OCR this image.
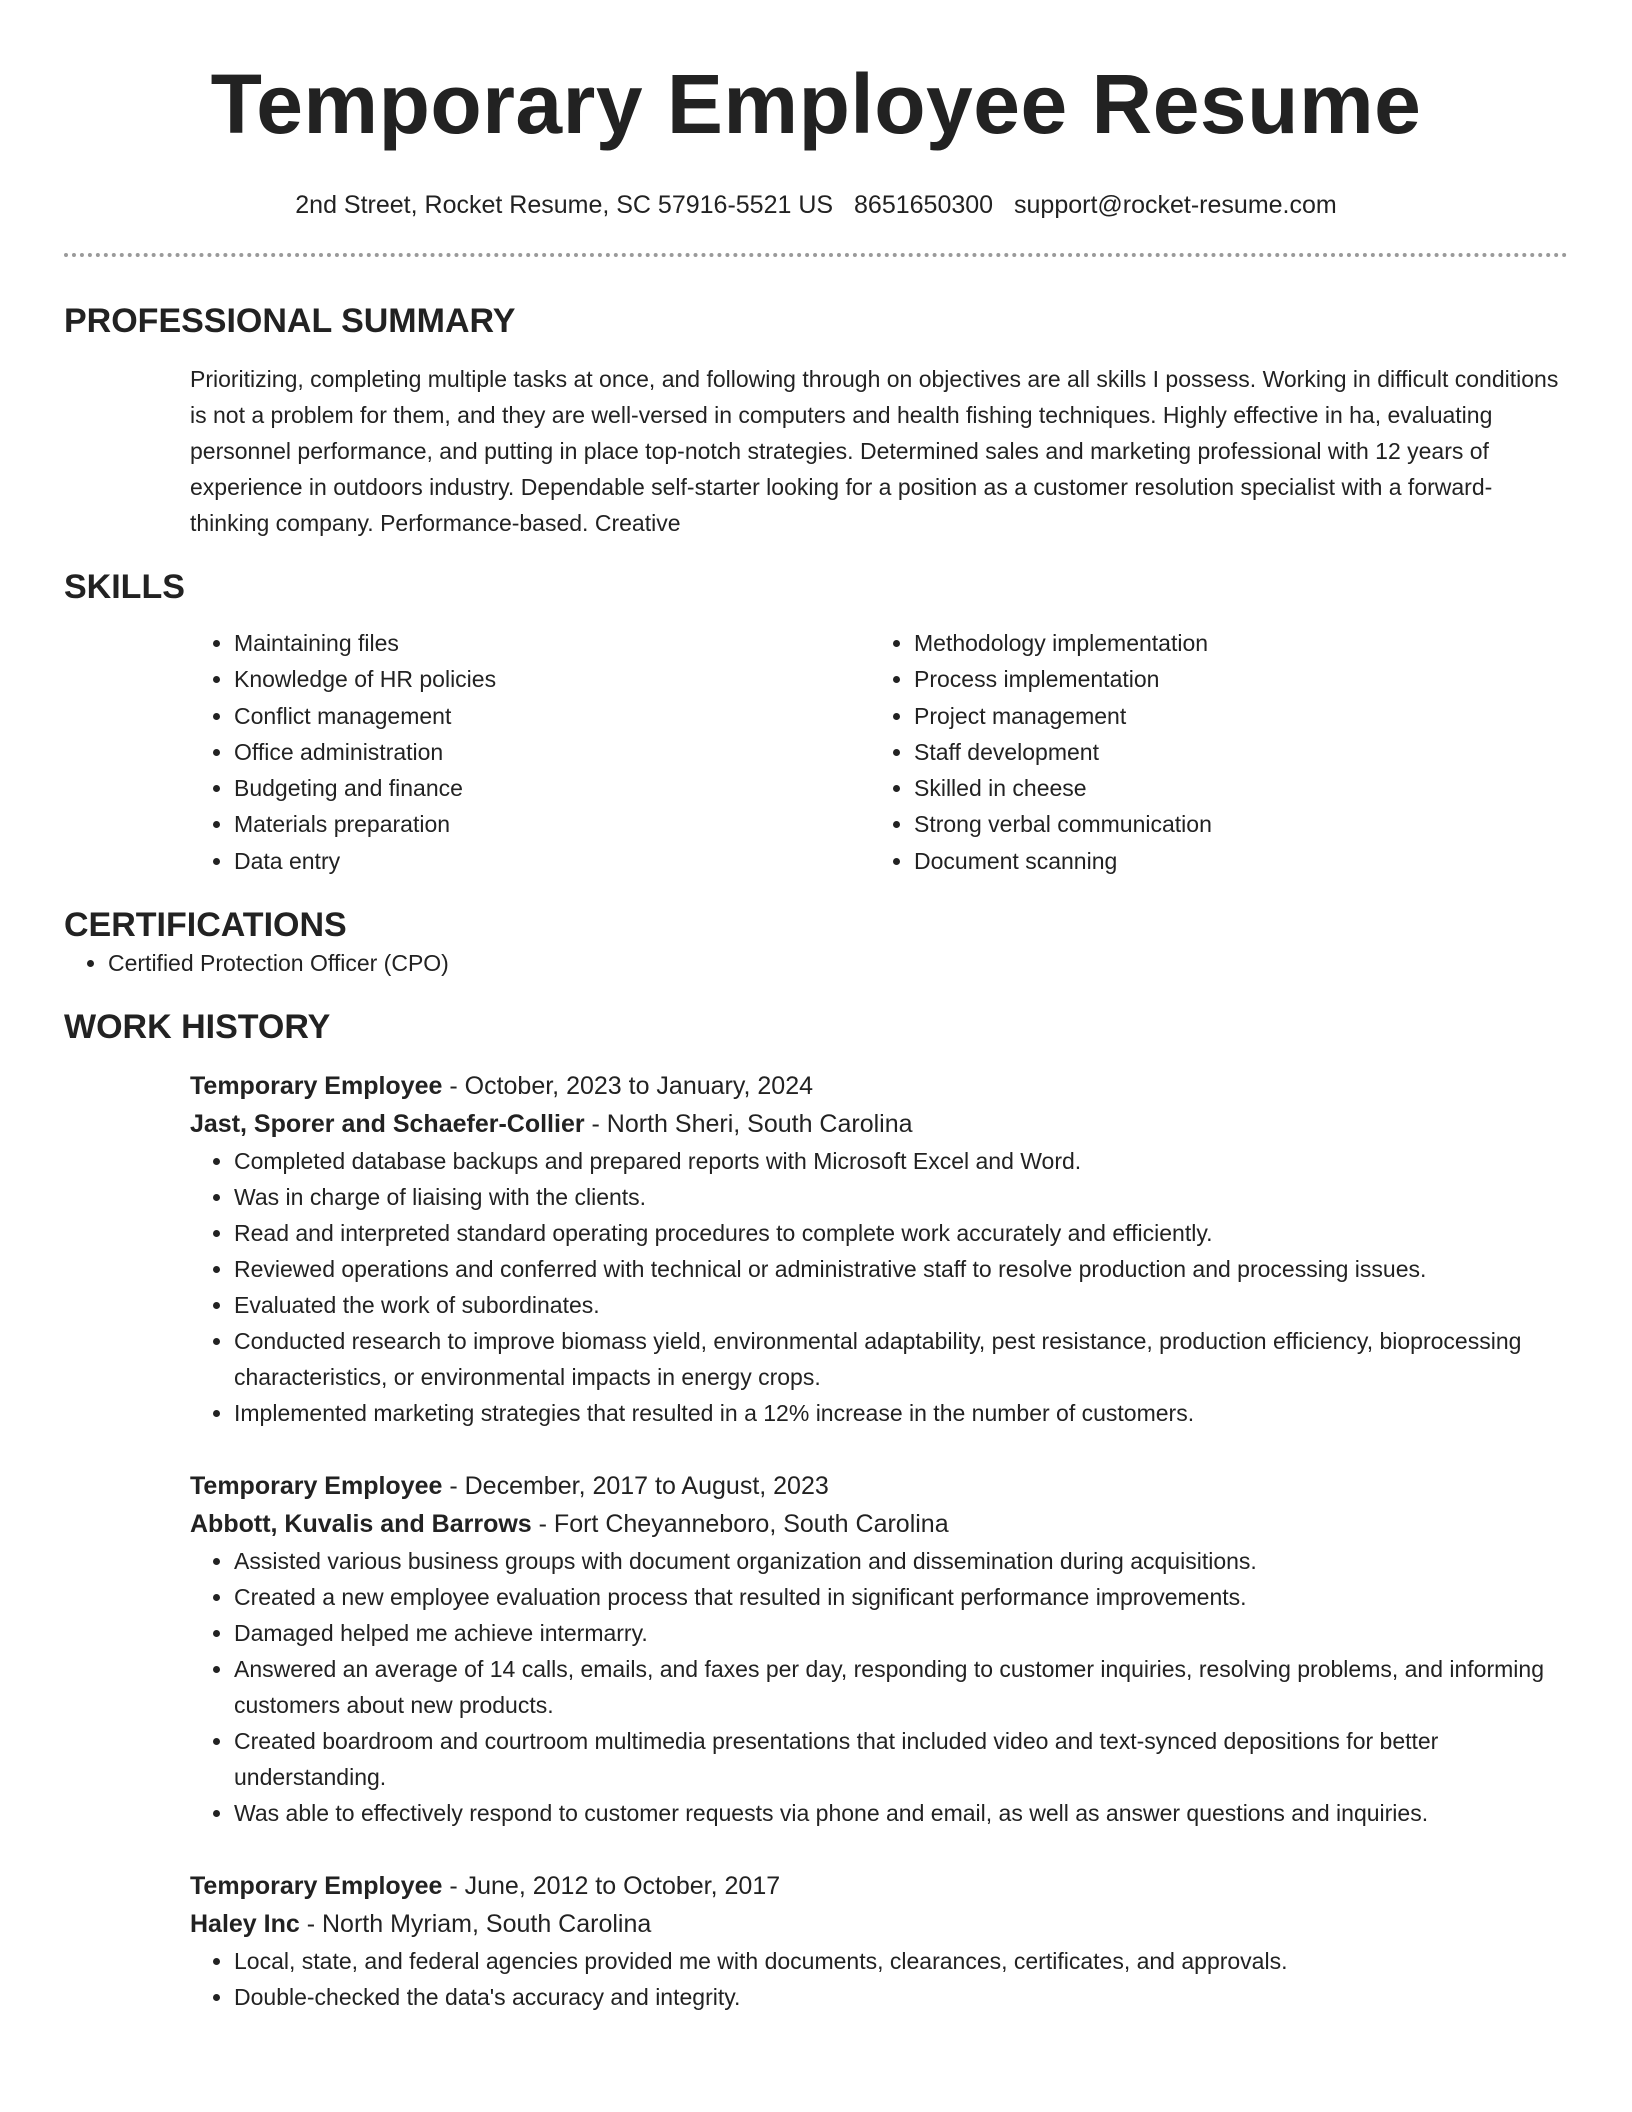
Temporary Employee Resume
2nd Street, Rocket Resume, SC 57916-5521 US 8651650300 support@rocket-resume.com
PROFESSIONAL SUMMARY
Prioritizing, completing multiple tasks at once, and following through on objectives are all skills I possess. Working in difficult conditions is not a problem for them, and they are well-versed in computers and health fishing techniques. Highly effective in ha, evaluating personnel performance, and putting in place top-notch strategies. Determined sales and marketing professional with 12 years of experience in outdoors industry. Dependable self-starter looking for a position as a customer resolution specialist with a forward-thinking company. Performance-based. Creative
SKILLS
• Maintaining files
• Knowledge of HR policies
• Conflict management
• Office administration
• Budgeting and finance
• Materials preparation
• Data entry
• Methodology implementation
• Process implementation
• Project management
• Staff development
• Skilled in cheese
• Strong verbal communication
• Document scanning
CERTIFICATIONS
• Certified Protection Officer (CPO)
WORK HISTORY
Temporary Employee - October, 2023 to January, 2024
Jast, Sporer and Schaefer-Collier - North Sheri, South Carolina
• Completed database backups and prepared reports with Microsoft Excel and Word.
• Was in charge of liaising with the clients.
• Read and interpreted standard operating procedures to complete work accurately and efficiently.
• Reviewed operations and conferred with technical or administrative staff to resolve production and processing issues.
• Evaluated the work of subordinates.
• Conducted research to improve biomass yield, environmental adaptability, pest resistance, production efficiency, bioprocessing characteristics, or environmental impacts in energy crops.
• Implemented marketing strategies that resulted in a 12% increase in the number of customers.
Temporary Employee - December, 2017 to August, 2023
Abbott, Kuvalis and Barrows - Fort Cheyanneboro, South Carolina
• Assisted various business groups with document organization and dissemination during acquisitions.
• Created a new employee evaluation process that resulted in significant performance improvements.
• Damaged helped me achieve intermarry.
• Answered an average of 14 calls, emails, and faxes per day, responding to customer inquiries, resolving problems, and informing customers about new products.
• Created boardroom and courtroom multimedia presentations that included video and text-synced depositions for better understanding.
• Was able to effectively respond to customer requests via phone and email, as well as answer questions and inquiries.
Temporary Employee - June, 2012 to October, 2017
Haley Inc - North Myriam, South Carolina
• Local, state, and federal agencies provided me with documents, clearances, certificates, and approvals.
• Double-checked the data's accuracy and integrity.
